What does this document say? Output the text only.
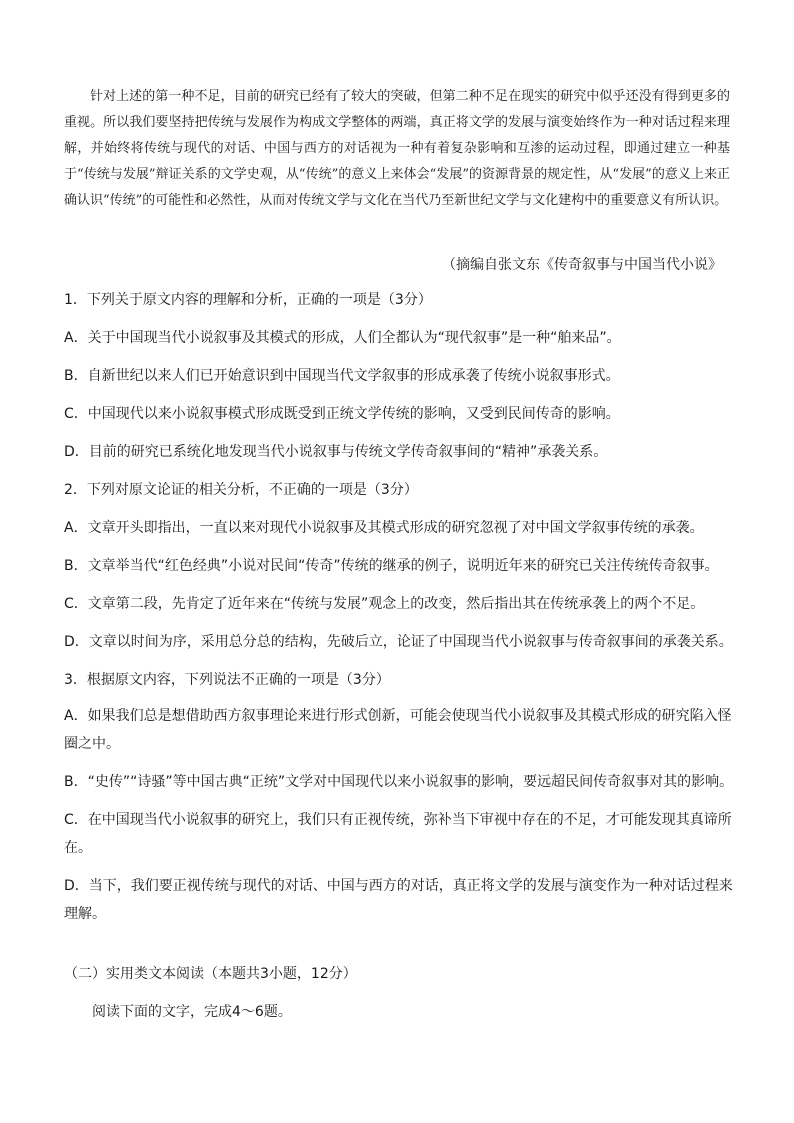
针对上述的第一种不足，目前的研究已经有了较大的突破，但第二种不足在现实的研究中似乎还没有得到更多的重视。所以我们要坚持把传统与发展作为构成文学整体的两端，真正将文学的发展与演变始终作为一种对话过程来理解，并始终将传统与现代的对话、中国与西方的对话视为一种有着复杂影响和互渗的运动过程，即通过建立一种基于“传统与发展”辩证关系的文学史观，从“传统”的意义上来体会“发展”的资源背景的规定性，从“发展”的意义上来正确认识“传统”的可能性和必然性，从而对传统文学与文化在当代乃至新世纪文学与文化建构中的重要意义有所认识。

（摘编自张文东《传奇叙事与中国当代小说》

1．下列关于原文内容的理解和分析，正确的一项是（3分）

A．关于中国现当代小说叙事及其模式的形成，人们全都认为“现代叙事”是一种“舶来品”。

B．自新世纪以来人们已开始意识到中国现当代文学叙事的形成承袭了传统小说叙事形式。

C．中国现代以来小说叙事模式形成既受到正统文学传统的影响，又受到民间传奇的影响。

D．目前的研究已系统化地发现当代小说叙事与传统文学传奇叙事间的“精神”承袭关系。

2．下列对原文论证的相关分析，不正确的一项是（3分）

A．文章开头即指出，一直以来对现代小说叙事及其模式形成的研究忽视了对中国文学叙事传统的承袭。

B．文章举当代“红色经典”小说对民间“传奇”传统的继承的例子，说明近年来的研究已关注传统传奇叙事。

C．文章第二段，先肯定了近年来在“传统与发展”观念上的改变，然后指出其在传统承袭上的两个不足。

D．文章以时间为序，采用总分总的结构，先破后立，论证了中国现当代小说叙事与传奇叙事间的承袭关系。

3．根据原文内容，下列说法不正确的一项是（3分）

A．如果我们总是想借助西方叙事理论来进行形式创新，可能会使现当代小说叙事及其模式形成的研究陷入怪圈之中。

B．“史传”“诗骚”等中国古典“正统”文学对中国现代以来小说叙事的影响，要远超民间传奇叙事对其的影响。

C．在中国现当代小说叙事的研究上，我们只有正视传统，弥补当下审视中存在的不足，才可能发现其真谛所在。

D．当下，我们要正视传统与现代的对话、中国与西方的对话，真正将文学的发展与演变作为一种对话过程来理解。

（二）实用类文本阅读（本题共3小题，12分）
阅读下面的文字，完成4～6题。
